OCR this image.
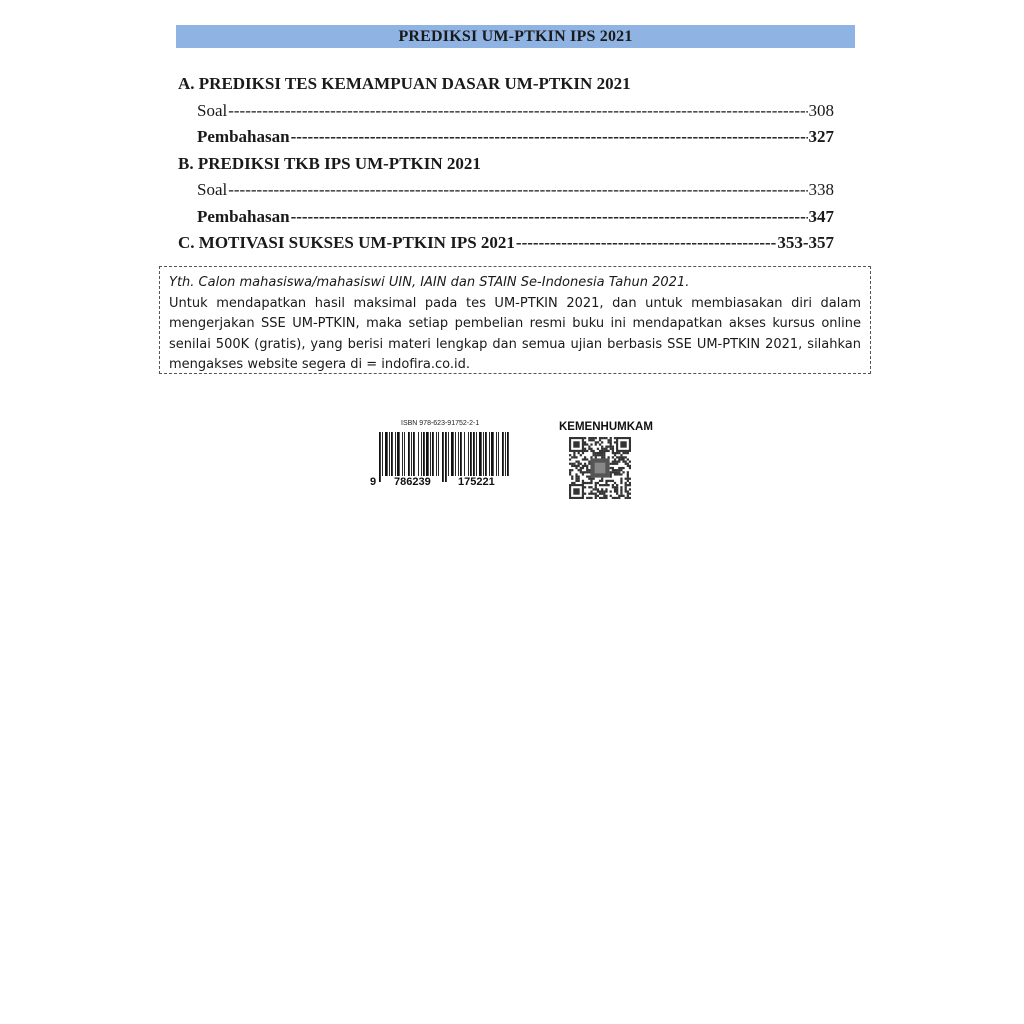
PREDIKSI UM-PTKIN IPS 2021
A. PREDIKSI TES KEMAMPUAN DASAR UM-PTKIN 2021
Soal -----	308
Pembahasan -----	327
B. PREDIKSI TKB IPS UM-PTKIN 2021
Soal -----	338
Pembahasan -----	347
C. MOTIVASI SUKSES UM-PTKIN IPS 2021 -----	353-357
Yth. Calon mahasiswa/mahasiswi UIN, IAIN dan STAIN Se-Indonesia Tahun 2021.
Untuk mendapatkan hasil maksimal pada tes UM-PTKIN 2021, dan untuk membiasakan diri dalam mengerjakan SSE UM-PTKIN, maka setiap pembelian resmi buku ini mendapatkan akses kursus online senilai 500K (gratis), yang berisi materi lengkap dan semua ujian berbasis SSE UM-PTKIN 2021, silahkan mengakses website segera di = indofira.co.id.
ISBN 978-623-91752-2-1
9 786239 175221
KEMENHUMKAM
